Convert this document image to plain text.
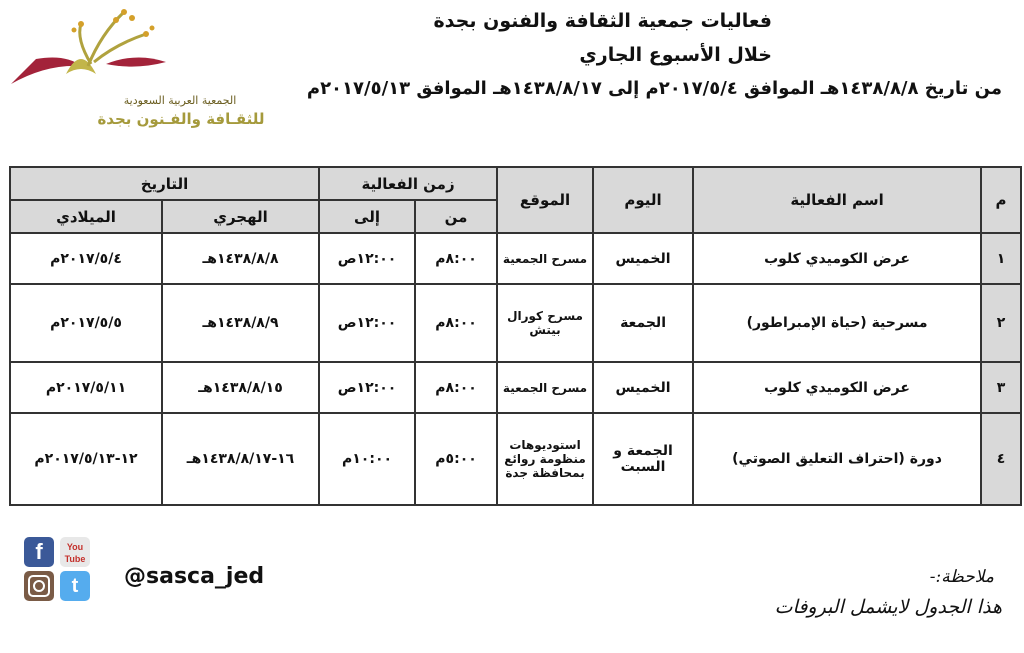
الجمعية العربية السعودية
للثقـافة والفـنون بجدة
فعاليات جمعية الثقافة والفنون بجدة
خلال الأسبوع الجاري
من تاريخ ١٤٣٨/٨/٨هـ الموافق ٢٠١٧/٥/٤م إلى ١٤٣٨/٨/١٧هـ الموافق ٢٠١٧/٥/١٣م
م	اسم الفعالية	اليوم	الموقع	زمن الفعالية		التاريخ	
				من	إلى	الهجري	الميلادي
١	عرض الكوميدي كلوب	الخميس	مسرح الجمعية	٨:٠٠م	١٢:٠٠ص	١٤٣٨/٨/٨هـ	٢٠١٧/٥/٤م
٢	مسرحية (حياة الإمبراطور)	الجمعة	مسرح كورال بيتش	٨:٠٠م	١٢:٠٠ص	١٤٣٨/٨/٩هـ	٢٠١٧/٥/٥م
٣	عرض الكوميدي كلوب	الخميس	مسرح الجمعية	٨:٠٠م	١٢:٠٠ص	١٤٣٨/٨/١٥هـ	٢٠١٧/٥/١١م
٤	دورة (احتراف التعليق الصوتي)	الجمعة و السبت	استوديوهات منظومة روائع بمحافظة جدة	٥:٠٠م	١٠:٠٠م	١٦-١٤٣٨/٨/١٧هـ	١٢-٢٠١٧/٥/١٣م
f	You Tube
t	@sasca_jed	ملاحظة:-
هذا الجدول لايشمل البروفات
